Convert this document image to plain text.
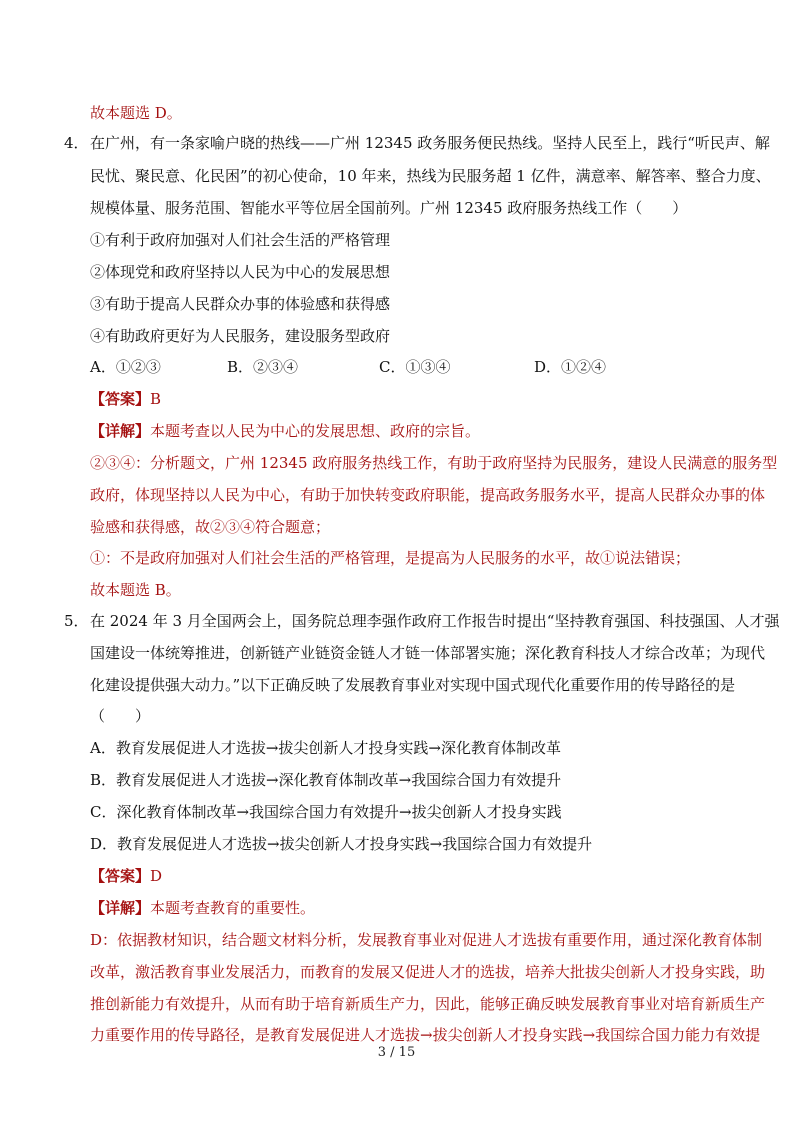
故本题选 D。
4． 在广州，有一条家喻户晓的热线——广州 12345 政务服务便民热线。坚持人民至上，践行“听民声、解
民忧、聚民意、化民困”的初心使命，10 年来，热线为民服务超 1 亿件，满意率、解答率、整合力度、
规模体量、服务范围、智能水平等位居全国前列。广州 12345 政府服务热线工作（　　）
①有利于政府加强对人们社会生活的严格管理
②体现党和政府坚持以人民为中心的发展思想
③有助于提高人民群众办事的体验感和获得感
④有助政府更好为人民服务，建设服务型政府
A．①②③	B．②③④	C．①③④	D．①②④
【答案】B
【详解】本题考查以人民为中心的发展思想、政府的宗旨。
②③④：分析题文，广州 12345 政府服务热线工作，有助于政府坚持为民服务，建设人民满意的服务型
政府，体现坚持以人民为中心，有助于加快转变政府职能，提高政务服务水平，提高人民群众办事的体
验感和获得感，故②③④符合题意；
①：不是政府加强对人们社会生活的严格管理，是提高为人民服务的水平，故①说法错误；
故本题选 B。
5． 在 2024 年 3 月全国两会上，国务院总理李强作政府工作报告时提出“坚持教育强国、科技强国、人才强
国建设一体统筹推进，创新链产业链资金链人才链一体部署实施；深化教育科技人才综合改革；为现代
化建设提供强大动力。”以下正确反映了发展教育事业对实现中国式现代化重要作用的传导路径的是
（　　）
A．教育发展促进人才选拔→拔尖创新人才投身实践→深化教育体制改革
B．教育发展促进人才选拔→深化教育体制改革→我国综合国力有效提升
C．深化教育体制改革→我国综合国力有效提升→拔尖创新人才投身实践
D．教育发展促进人才选拔→拔尖创新人才投身实践→我国综合国力有效提升
【答案】D
【详解】本题考查教育的重要性。
D：依据教材知识，结合题文材料分析，发展教育事业对促进人才选拔有重要作用，通过深化教育体制
改革，激活教育事业发展活力，而教育的发展又促进人才的选拔，培养大批拔尖创新人才投身实践，助
推创新能力有效提升，从而有助于培育新质生产力，因此，能够正确反映发展教育事业对培育新质生产
力重要作用的传导路径，是教育发展促进人才选拔→拔尖创新人才投身实践→我国综合国力能力有效提
3 / 15
